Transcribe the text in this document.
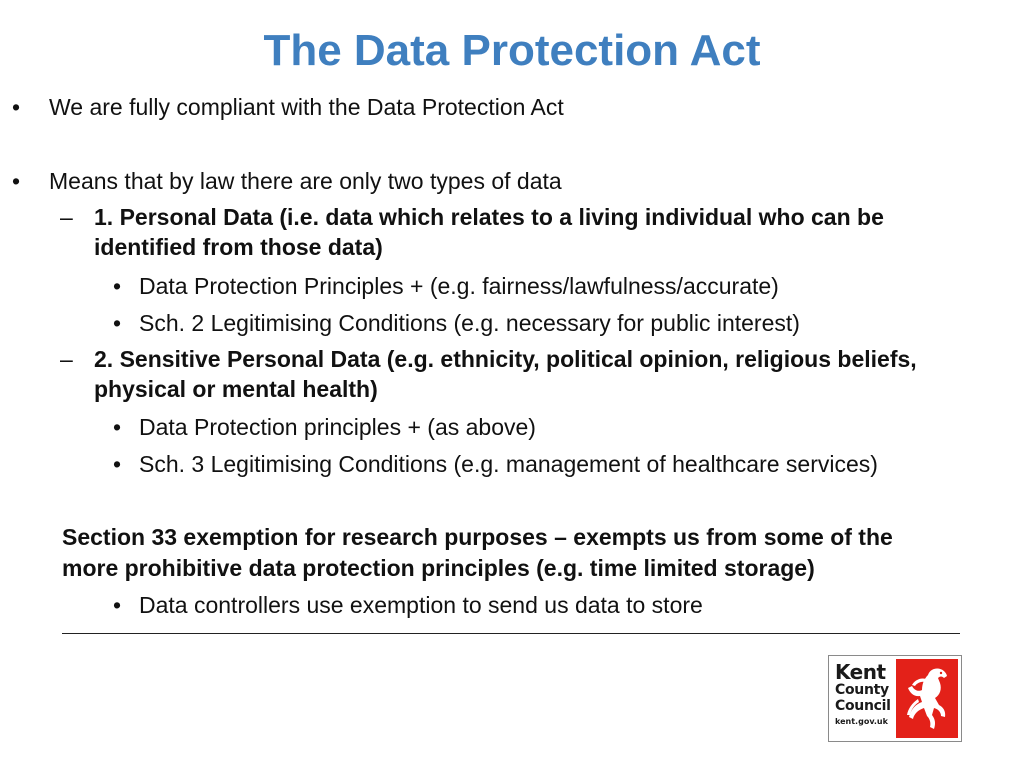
The Data Protection Act
• We are fully compliant with the Data Protection Act
• Means that by law there are only two types of data
– 1. Personal Data (i.e. data which relates to a living individual who can be
identified from those data)
• Data Protection Principles + (e.g. fairness/lawfulness/accurate)
• Sch. 2 Legitimising Conditions (e.g. necessary for public interest)
– 2. Sensitive Personal Data (e.g. ethnicity, political opinion, religious beliefs,
physical or mental health)
• Data Protection principles + (as above)
• Sch. 3 Legitimising Conditions (e.g. management of healthcare services)
Section 33 exemption for research purposes – exempts us from some of the
more prohibitive data protection principles (e.g. time limited storage)
• Data controllers use exemption to send us data to store
Kent
County
Council
kent.gov.uk
